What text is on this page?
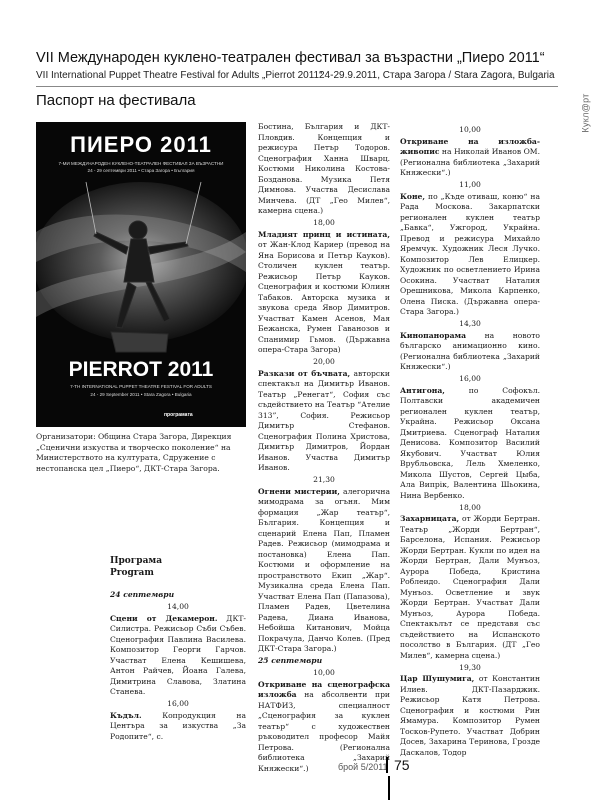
VII Международен куклено-театрален фестивал за възрастни „Пиеро 2011“
VII International Puppet Theatre Festival for Adults „Pierrot 2011“
24-29.9.2011, Стара Загора / Stara Zagora, Bulgaria
Паспорт на фестивала	Кукл@рт
ПИЕРО 2011
7-МИ МЕЖДУНАРОДЕН КУКЛЕНО-ТЕАТРАЛЕН ФЕСТИВАЛ ЗА ВЪЗРАСТНИ
24 - 29 септември 2011 • Стара Загора • България
PIERROT 2011
7-TH INTERNATIONAL PUPPET THEATRE FESTIVAL FOR ADULTS
24 - 29 September 2011 • Stara Zagora • Bulgaria
програмата
Организатори: Община Стара Загора, Дирекция „Сценични изкуства и творческо поколение“ на Министерството на културата, Сдружение с нестопанска цел „Пиеро“, ДКТ-Стара Загора.
Програма
Program

24 септември

14,00

Сцени от Декамерон. ДКТ-Силистра. Режисьор Съби Събев. Сценография Павлина Василева. Композитор Георги Гарчов. Участват Елена Кешишева, Антон Райчев, Йоана Галева, Димитрина Славова, Златина Станева.

16,00

Къдъл. Копродукция на Центъра за изкуства „За Родопите“, с.

Бостина, България и ДКТ-Пловдив. Концепция и режисура Петър Тодоров. Сценография Ханна Шварц. Костюми Николина Костова-Бозданова. Музика Петя Димнова. Участва Десислава Минчева. (ДТ „Гео Милев“, камерна сцена.)

18,00

Младият принц и истината, от Жан-Клод Кариер (превод на Яна Борисова и Петър Кауков). Столичен куклен театър. Режисьор Петър Кауков. Сценография и костюми Юлиян Табаков. Авторска музика и звукова среда Явор Димитров. Участват Камен Асенов, Мая Бежанска, Румен Гаванозов и Спанимир Гьмов. (Държавна опера-Стара Загора)

20,00

Разкази от бъчвата, авторски спектакъл на Димитър Иванов. Театър „Ренегат“, София със съдействието на Театър “Ателие 313”, София. Режисьор Димитър Стефанов. Сценография Полина Христова, Димитър Димитров, Йордан Иванов. Участва Димитър Иванов.

21,30

Огнени мистерии, алегорична мимодрама за огъня. Мим формация „Жар театър“, България. Концепция и сценарий Елена Пап, Пламен Радев. Режисьор (мимодрама и постановка) Елена Пап. Костюми и оформление на пространството Екип „Жар“. Музикална среда Елена Пап. Участват Елена Пап (Папазова), Пламен Радев, Цветелина Радева, Диана Иванова, Небойша Китанович, Мойца Покрачула, Данчо Колев. (Пред ДКТ-Стара Загора.)

25 септември

10,00

Откриване на сценографска изложба на абсолвенти при НАТФИЗ, специалност „Сценография за куклен театър“ с художествен ръководител професор Майя Петрова. (Регионална библиотека „Захарий Княжески“.)

10,00

Откриване на изложба-живопис на Николай Иванов ОМ. (Регионална библиотека „Захарий Княжески“.)

11,00

Коне, по „Къде отиваш, коню“ на Рада Москова. Закарпатски регионален куклен театър „Бавка“, Ужгород, Украйна. Превод и режисура Михайло Яремчук. Художник Леся Лучко. Композитор Лев Елицкер. Художник по осветлението Ирина Осокина. Участват Наталия Орешникова, Микола Карпенко, Олена Писка. (Държавна опера-Стара Загора.)

14,30

Кинопанорама на новото българско анимационно кино. (Регионална библиотека „Захарий Княжески“.)

16,00

Антигона, по Софокъл. Полтавски академичен регионален куклен театър, Украйна. Режисьор Оксана Дмитриева. Сценограф Наталия Денисова. Композитор Василий Якубович. Участват Юлия Врубльовска, Лель Хмеленко, Микола Шустов, Сергей Цыба, Ала Випрiк, Валентина Шьокина, Нина Вербенко.

18,00

Захарницата, от Жорди Бертран. Театър „Жорди Бертран“, Барселона, Испания. Режисьор Жорди Бертран. Кукли по идея на Жорди Бертран, Дали Мунъоз, Аурора Победа, Кристина Роблеидо. Сценография Дали Мунъоз. Осветление и звук Жорди Бертран. Участват Дали Мунъоз, Аурора Победа. Спектакълът се представя със съдействието на Испанското посолство в България. (ДТ „Гео Милев“, камерна сцена.)

19,30

Цар Шушумига, от Константин Илиев. ДКТ-Пазарджик. Режисьор Катя Петрова. Сценография и костюми Рин Ямамура. Композитор Румен Тосков-Рупето. Участват Добрин Досев, Захарина Теринова, Грозде Даскалов, Тодор

брой 5/2011 75
